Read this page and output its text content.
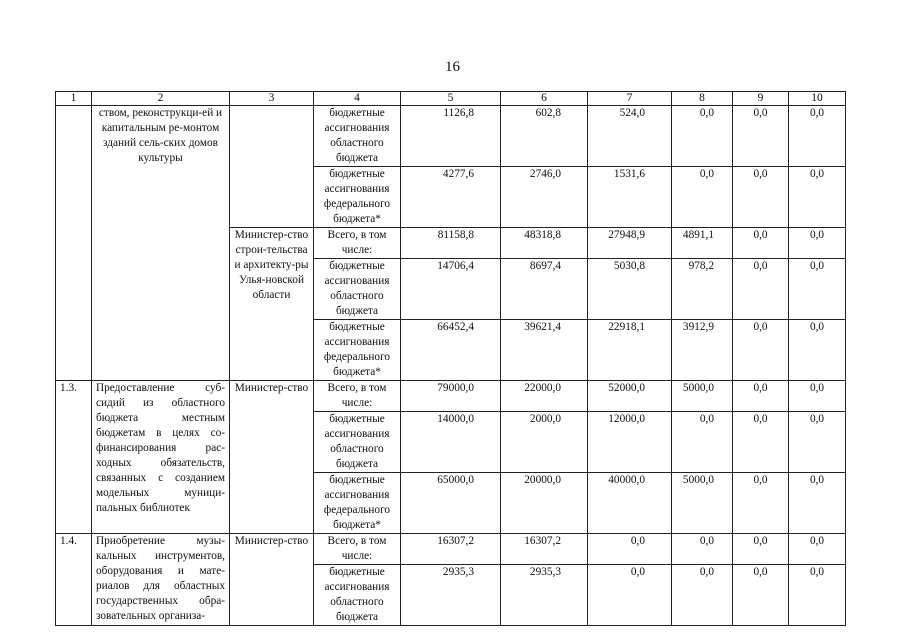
16
1	2	3	4	5	6	7	8	9	10
	ством, реконструкци-ей и капитальным ре-монтом зданий сель-ских домов культуры		бюджетные ассигнования областного бюджета	1126,8	602,8	524,0	0,0	0,0	0,0
			бюджетные ассигнования федерального бюджета*	4277,6	2746,0	1531,6	0,0	0,0	0,0
		Министер-ство строи-тельства и архитекту-ры Улья-новской области	Всего, в том числе:	81158,8	48318,8	27948,9	4891,1	0,0	0,0
			бюджетные ассигнования областного бюджета	14706,4	8697,4	5030,8	978,2	0,0	0,0
			бюджетные ассигнования федерального бюджета*	66452,4	39621,4	22918,1	3912,9	0,0	0,0
1.3.	Предоставление суб-сидий из областного бюджета местным бюджетам в целях со-финансирования рас-ходных обязательств, связанных с созданием модельных муници-пальных библиотек	Министер-ство	Всего, в том числе:	79000,0	22000,0	52000,0	5000,0	0,0	0,0
			бюджетные ассигнования областного бюджета	14000,0	2000,0	12000,0	0,0	0,0	0,0
			бюджетные ассигнования федерального бюджета*	65000,0	20000,0	40000,0	5000,0	0,0	0,0
1.4.	Приобретение музы-кальных инструментов, оборудования и мате-риалов для областных государственных обра-зовательных организа-	Министер-ство	Всего, в том числе:	16307,2	16307,2	0,0	0,0	0,0	0,0
			бюджетные ассигнования областного бюджета	2935,3	2935,3	0,0	0,0	0,0	0,0
